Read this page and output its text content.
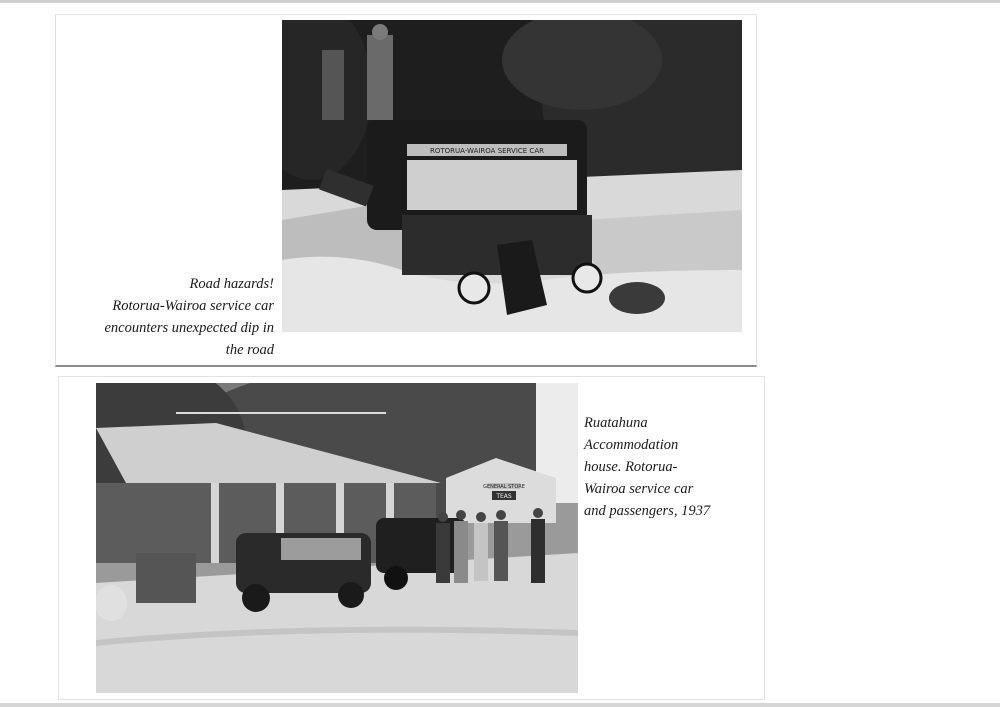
ROTORUA-WAIROA SERVICE CAR
Road hazards!
Rotorua-Wairoa service car
encounters unexpected dip in
the road
GENERAL STORE
TEAS
Ruatahuna
Accommodation
house. Rotorua-
Wairoa service car
and passengers, 1937
